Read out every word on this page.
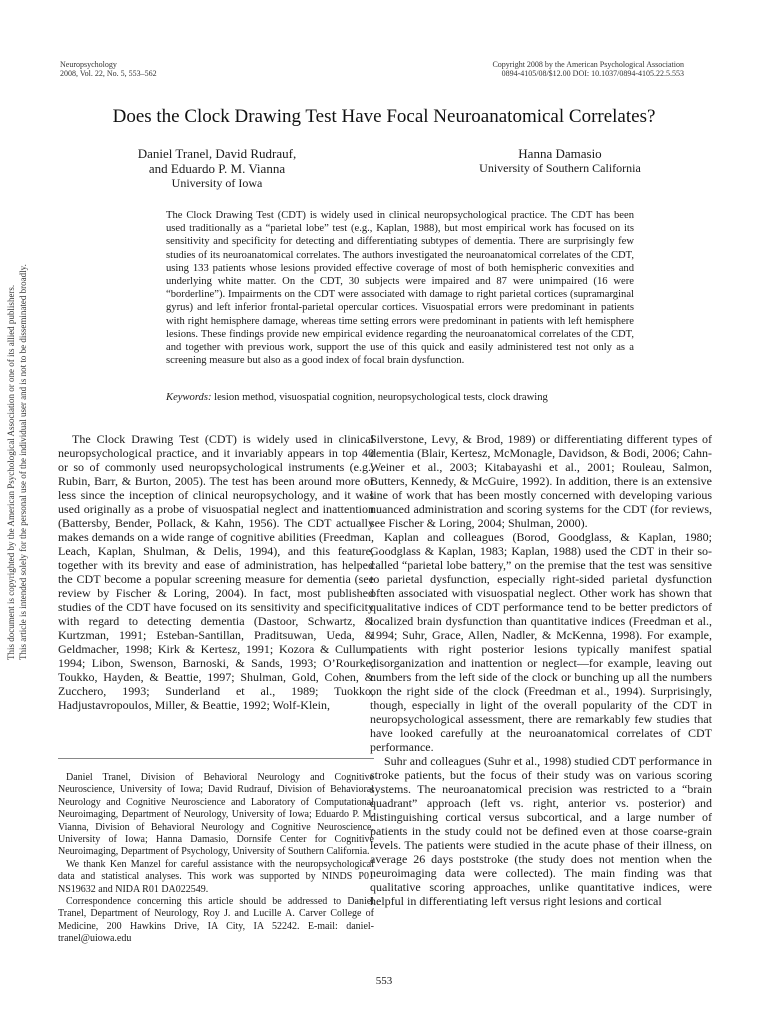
Neuropsychology
2008, Vol. 22, No. 5, 553–562
Copyright 2008 by the American Psychological Association
0894-4105/08/$12.00 DOI: 10.1037/0894-4105.22.5.553
Does the Clock Drawing Test Have Focal Neuroanatomical Correlates?
Daniel Tranel, David Rudrauf,
and Eduardo P. M. Vianna
University of Iowa
Hanna Damasio
University of Southern California
The Clock Drawing Test (CDT) is widely used in clinical neuropsychological practice. The CDT has been used traditionally as a “parietal lobe” test (e.g., Kaplan, 1988), but most empirical work has focused on its sensitivity and specificity for detecting and differentiating subtypes of dementia. There are surprisingly few studies of its neuroanatomical correlates. The authors investigated the neuroanatomical correlates of the CDT, using 133 patients whose lesions provided effective coverage of most of both hemispheric convexities and underlying white matter. On the CDT, 30 subjects were impaired and 87 were unimpaired (16 were “borderline”). Impairments on the CDT were associated with damage to right parietal cortices (supramarginal gyrus) and left inferior frontal-parietal opercular cortices. Visuospatial errors were predominant in patients with right hemisphere damage, whereas time setting errors were predominant in patients with left hemisphere lesions. These findings provide new empirical evidence regarding the neuroanatomical correlates of the CDT, and together with previous work, support the use of this quick and easily administered test not only as a screening measure but also as a good index of focal brain dysfunction.
Keywords: lesion method, visuospatial cognition, neuropsychological tests, clock drawing

The Clock Drawing Test (CDT) is widely used in clinical neuropsychological practice, and it invariably appears in top 40 or so of commonly used neuropsychological instruments (e.g., Rubin, Barr, & Burton, 2005). The test has been around more or less since the inception of clinical neuropsychology, and it was used originally as a probe of visuospatial neglect and inattention (Battersby, Bender, Pollack, & Kahn, 1956). The CDT actually makes demands on a wide range of cognitive abilities (Freedman, Leach, Kaplan, Shulman, & Delis, 1994), and this feature, together with its brevity and ease of administration, has helped the CDT become a popular screening measure for dementia (see review by Fischer & Loring, 2004). In fact, most published studies of the CDT have focused on its sensitivity and specificity with regard to detecting dementia (Dastoor, Schwartz, & Kurtzman, 1991; Esteban-Santillan, Praditsuwan, Ueda, & Geldmacher, 1998; Kirk & Kertesz, 1991; Kozora & Cullum, 1994; Libon, Swenson, Barnoski, & Sands, 1993; O’Rourke, Toukko, Hayden, & Beattie, 1997; Shulman, Gold, Cohen, & Zucchero, 1993; Sunderland et al., 1989; Tuokko, Hadjustavropoulos, Miller, & Beattie, 1992; Wolf-Klein,

Daniel Tranel, Division of Behavioral Neurology and Cognitive Neuroscience, University of Iowa; David Rudrauf, Division of Behavioral Neurology and Cognitive Neuroscience and Laboratory of Computational Neuroimaging, Department of Neurology, University of Iowa; Eduardo P. M. Vianna, Division of Behavioral Neurology and Cognitive Neuroscience, University of Iowa; Hanna Damasio, Dornsife Center for Cognitive Neuroimaging, Department of Psychology, University of Southern California.

We thank Ken Manzel for careful assistance with the neuropsychological data and statistical analyses. This work was supported by NINDS P01 NS19632 and NIDA R01 DA022549.

Correspondence concerning this article should be addressed to Daniel Tranel, Department of Neurology, Roy J. and Lucille A. Carver College of Medicine, 200 Hawkins Drive, IA City, IA 52242. E-mail: daniel-tranel@uiowa.edu

Silverstone, Levy, & Brod, 1989) or differentiating different types of dementia (Blair, Kertesz, McMonagle, Davidson, & Bodi, 2006; Cahn-Weiner et al., 2003; Kitabayashi et al., 2001; Rouleau, Salmon, Butters, Kennedy, & McGuire, 1992). In addition, there is an extensive line of work that has been mostly concerned with developing various nuanced administration and scoring systems for the CDT (for reviews, see Fischer & Loring, 2004; Shulman, 2000).

Kaplan and colleagues (Borod, Goodglass, & Kaplan, 1980; Goodglass & Kaplan, 1983; Kaplan, 1988) used the CDT in their so-called “parietal lobe battery,” on the premise that the test was sensitive to parietal dysfunction, especially right-sided parietal dysfunction often associated with visuospatial neglect. Other work has shown that qualitative indices of CDT performance tend to be better predictors of localized brain dysfunction than quantitative indices (Freedman et al., 1994; Suhr, Grace, Allen, Nadler, & McKenna, 1998). For example, patients with right posterior lesions typically manifest spatial disorganization and inattention or neglect—for example, leaving out numbers from the left side of the clock or bunching up all the numbers on the right side of the clock (Freedman et al., 1994). Surprisingly, though, especially in light of the overall popularity of the CDT in neuropsychological assessment, there are remarkably few studies that have looked carefully at the neuroanatomical correlates of CDT performance.

Suhr and colleagues (Suhr et al., 1998) studied CDT performance in stroke patients, but the focus of their study was on various scoring systems. The neuroanatomical precision was restricted to a “brain quadrant” approach (left vs. right, anterior vs. posterior) and distinguishing cortical versus subcortical, and a large number of patients in the study could not be defined even at those coarse-grain levels. The patients were studied in the acute phase of their illness, on average 26 days poststroke (the study does not mention when the neuroimaging data were collected). The main finding was that qualitative scoring approaches, unlike quantitative indices, were helpful in differentiating left versus right lesions and cortical

553
This document is copyrighted by the American Psychological Association or one of its allied publishers. This article is intended solely for the personal use of the individual user and is not to be disseminated broadly.
